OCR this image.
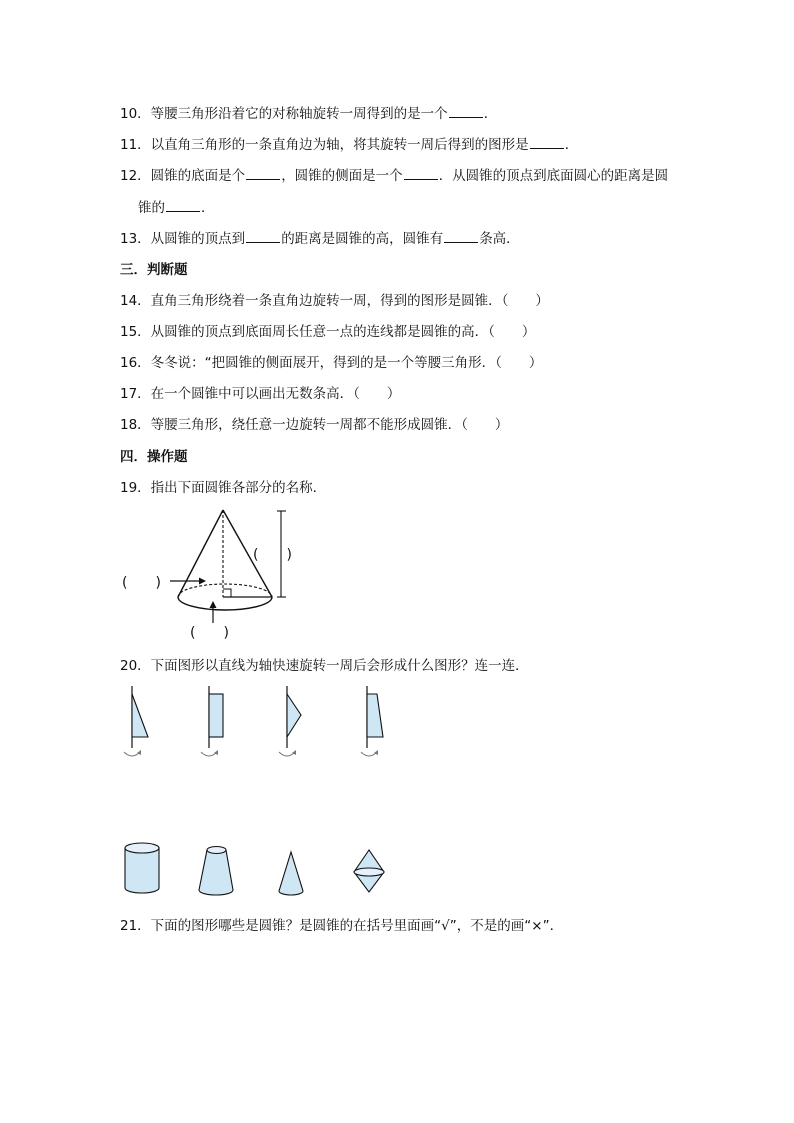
10．等腰三角形沿着它的对称轴旋转一周得到的是一个	．
11．以直角三角形的一条直角边为轴，将其旋转一周后得到的图形是	．
12．圆锥的底面是个	，圆锥的侧面是一个	．从圆锥的顶点到底面圆心的距离是圆
锥的	．
13．从圆锥的顶点到	的距离是圆锥的高，圆锥有	条高．
三．判断题
14．直角三角形绕着一条直角边旋转一周，得到的图形是圆锥．（　　）
15．从圆锥的顶点到底面周长任意一点的连线都是圆锥的高．（　　）
16．冬冬说：“把圆锥的侧面展开，得到的是一个等腰三角形．（　　）
17．在一个圆锥中可以画出无数条高．（　　）
18．等腰三角形，绕任意一边旋转一周都不能形成圆锥．（　　）
四．操作题
19．指出下面圆锥各部分的名称．
(　　)
(　　)
(　　)
20．下面图形以直线为轴快速旋转一周后会形成什么图形？连一连．
21．下面的图形哪些是圆锥？是圆锥的在括号里面画“√”，不是的画“×”．
